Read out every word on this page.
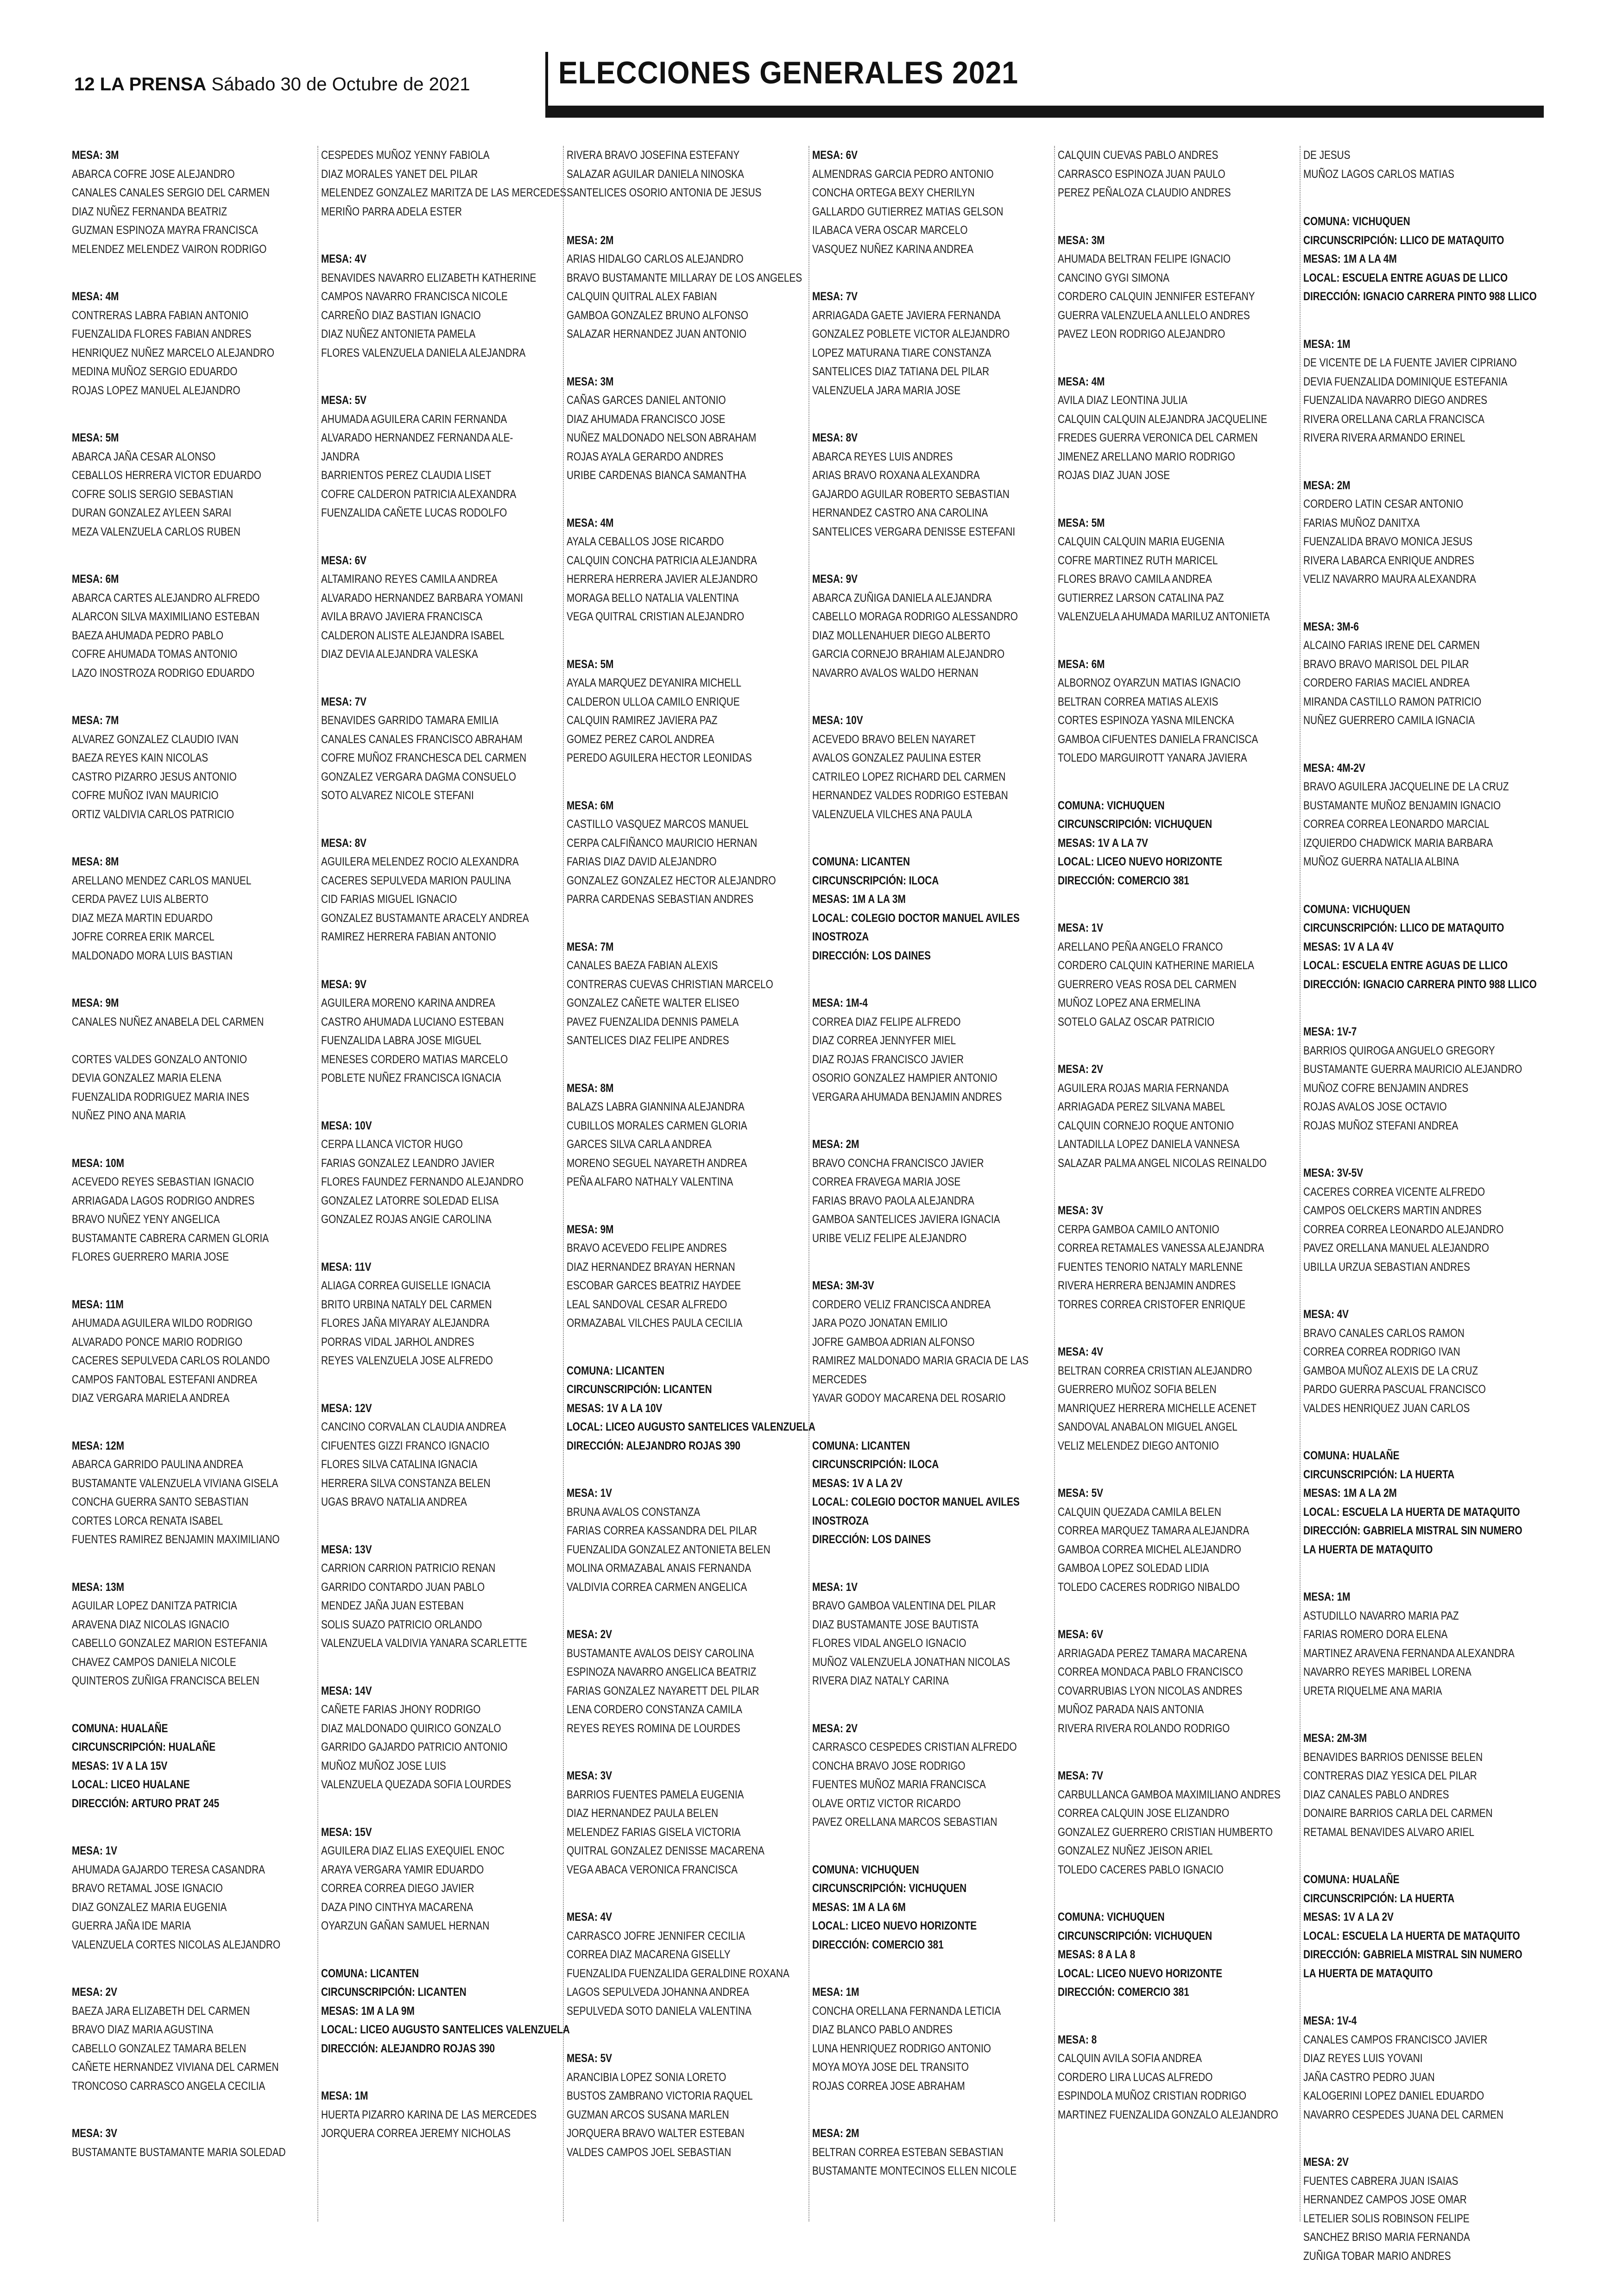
12 LA PRENSA Sábado 30 de Octubre de 2021	ELECCIONES GENERALES 2021
MESA: 3M
ABARCA COFRE JOSE ALEJANDRO
CANALES CANALES SERGIO DEL CARMEN
DIAZ NUÑEZ FERNANDA BEATRIZ
GUZMAN ESPINOZA MAYRA FRANCISCA
MELENDEZ MELENDEZ VAIRON RODRIGO
MESA: 4M
CONTRERAS LABRA FABIAN ANTONIO
FUENZALIDA FLORES FABIAN ANDRES
HENRIQUEZ NUÑEZ MARCELO ALEJANDRO
MEDINA MUÑOZ SERGIO EDUARDO
ROJAS LOPEZ MANUEL ALEJANDRO
MESA: 5M
ABARCA JAÑA CESAR ALONSO
CEBALLOS HERRERA VICTOR EDUARDO
COFRE SOLIS SERGIO SEBASTIAN
DURAN GONZALEZ AYLEEN SARAI
MEZA VALENZUELA CARLOS RUBEN
MESA: 6M
ABARCA CARTES ALEJANDRO ALFREDO
ALARCON SILVA MAXIMILIANO ESTEBAN
BAEZA AHUMADA PEDRO PABLO
COFRE AHUMADA TOMAS ANTONIO
LAZO INOSTROZA RODRIGO EDUARDO
MESA: 7M
ALVAREZ GONZALEZ CLAUDIO IVAN
BAEZA REYES KAIN NICOLAS
CASTRO PIZARRO JESUS ANTONIO
COFRE MUÑOZ IVAN MAURICIO
ORTIZ VALDIVIA CARLOS PATRICIO
MESA: 8M
ARELLANO MENDEZ CARLOS MANUEL
CERDA PAVEZ LUIS ALBERTO
DIAZ MEZA MARTIN EDUARDO
JOFRE CORREA ERIK MARCEL
MALDONADO MORA LUIS BASTIAN
MESA: 9M
CANALES NUÑEZ ANABELA DEL CARMEN
CORTES VALDES GONZALO ANTONIO
DEVIA GONZALEZ MARIA ELENA
FUENZALIDA RODRIGUEZ MARIA INES
NUÑEZ PINO ANA MARIA
MESA: 10M
ACEVEDO REYES SEBASTIAN IGNACIO
ARRIAGADA LAGOS RODRIGO ANDRES
BRAVO NUÑEZ YENY ANGELICA
BUSTAMANTE CABRERA CARMEN GLORIA
FLORES GUERRERO MARIA JOSE
MESA: 11M
AHUMADA AGUILERA WILDO RODRIGO
ALVARADO PONCE MARIO RODRIGO
CACERES SEPULVEDA CARLOS ROLANDO
CAMPOS FANTOBAL ESTEFANI ANDREA
DIAZ VERGARA MARIELA ANDREA
MESA: 12M
ABARCA GARRIDO PAULINA ANDREA
BUSTAMANTE VALENZUELA VIVIANA GISELA
CONCHA GUERRA SANTO SEBASTIAN
CORTES LORCA RENATA ISABEL
FUENTES RAMIREZ BENJAMIN MAXIMILIANO
MESA: 13M
AGUILAR LOPEZ DANITZA PATRICIA
ARAVENA DIAZ NICOLAS IGNACIO
CABELLO GONZALEZ MARION ESTEFANIA
CHAVEZ CAMPOS DANIELA NICOLE
QUINTEROS ZUÑIGA FRANCISCA BELEN
COMUNA: HUALAÑE
CIRCUNSCRIPCIÓN: HUALAÑE
MESAS: 1V A LA 15V
LOCAL: LICEO HUALANE
DIRECCIÓN: ARTURO PRAT 245
MESA: 1V
AHUMADA GAJARDO TERESA CASANDRA
BRAVO RETAMAL JOSE IGNACIO
DIAZ GONZALEZ MARIA EUGENIA
GUERRA JAÑA IDE MARIA
VALENZUELA CORTES NICOLAS ALEJANDRO
MESA: 2V
BAEZA JARA ELIZABETH DEL CARMEN
BRAVO DIAZ MARIA AGUSTINA
CABELLO GONZALEZ TAMARA BELEN
CAÑETE HERNANDEZ VIVIANA DEL CARMEN
TRONCOSO CARRASCO ANGELA CECILIA
MESA: 3V
BUSTAMANTE BUSTAMANTE MARIA SOLEDAD
CESPEDES MUÑOZ YENNY FABIOLA
DIAZ MORALES YANET DEL PILAR
MELENDEZ GONZALEZ MARITZA DE LAS MERCEDES
MERIÑO PARRA ADELA ESTER
MESA: 4V
BENAVIDES NAVARRO ELIZABETH KATHERINE
CAMPOS NAVARRO FRANCISCA NICOLE
CARREÑO DIAZ BASTIAN IGNACIO
DIAZ NUÑEZ ANTONIETA PAMELA
FLORES VALENZUELA DANIELA ALEJANDRA
MESA: 5V
AHUMADA AGUILERA CARIN FERNANDA
ALVARADO HERNANDEZ FERNANDA ALE-
JANDRA
BARRIENTOS PEREZ CLAUDIA LISET
COFRE CALDERON PATRICIA ALEXANDRA
FUENZALIDA CAÑETE LUCAS RODOLFO
MESA: 6V
ALTAMIRANO REYES CAMILA ANDREA
ALVARADO HERNANDEZ BARBARA YOMANI
AVILA BRAVO JAVIERA FRANCISCA
CALDERON ALISTE ALEJANDRA ISABEL
DIAZ DEVIA ALEJANDRA VALESKA
MESA: 7V
BENAVIDES GARRIDO TAMARA EMILIA
CANALES CANALES FRANCISCO ABRAHAM
COFRE MUÑOZ FRANCHESCA DEL CARMEN
GONZALEZ VERGARA DAGMA CONSUELO
SOTO ALVAREZ NICOLE STEFANI
MESA: 8V
AGUILERA MELENDEZ ROCIO ALEXANDRA
CACERES SEPULVEDA MARION PAULINA
CID FARIAS MIGUEL IGNACIO
GONZALEZ BUSTAMANTE ARACELY ANDREA
RAMIREZ HERRERA FABIAN ANTONIO
MESA: 9V
AGUILERA MORENO KARINA ANDREA
CASTRO AHUMADA LUCIANO ESTEBAN
FUENZALIDA LABRA JOSE MIGUEL
MENESES CORDERO MATIAS MARCELO
POBLETE NUÑEZ FRANCISCA IGNACIA
MESA: 10V
CERPA LLANCA VICTOR HUGO
FARIAS GONZALEZ LEANDRO JAVIER
FLORES FAUNDEZ FERNANDO ALEJANDRO
GONZALEZ LATORRE SOLEDAD ELISA
GONZALEZ ROJAS ANGIE CAROLINA
MESA: 11V
ALIAGA CORREA GUISELLE IGNACIA
BRITO URBINA NATALY DEL CARMEN
FLORES JAÑA MIYARAY ALEJANDRA
PORRAS VIDAL JARHOL ANDRES
REYES VALENZUELA JOSE ALFREDO
MESA: 12V
CANCINO CORVALAN CLAUDIA ANDREA
CIFUENTES GIZZI FRANCO IGNACIO
FLORES SILVA CATALINA IGNACIA
HERRERA SILVA CONSTANZA BELEN
UGAS BRAVO NATALIA ANDREA
MESA: 13V
CARRION CARRION PATRICIO RENAN
GARRIDO CONTARDO JUAN PABLO
MENDEZ JAÑA JUAN ESTEBAN
SOLIS SUAZO PATRICIO ORLANDO
VALENZUELA VALDIVIA YANARA SCARLETTE
MESA: 14V
CAÑETE FARIAS JHONY RODRIGO
DIAZ MALDONADO QUIRICO GONZALO
GARRIDO GAJARDO PATRICIO ANTONIO
MUÑOZ MUÑOZ JOSE LUIS
VALENZUELA QUEZADA SOFIA LOURDES
MESA: 15V
AGUILERA DIAZ ELIAS EXEQUIEL ENOC
ARAYA VERGARA YAMIR EDUARDO
CORREA CORREA DIEGO JAVIER
DAZA PINO CINTHYA MACARENA
OYARZUN GAÑAN SAMUEL HERNAN
COMUNA: LICANTEN
CIRCUNSCRIPCIÓN: LICANTEN
MESAS: 1M A LA 9M
LOCAL: LICEO AUGUSTO SANTELICES VALENZUELA
DIRECCIÓN: ALEJANDRO ROJAS 390
MESA: 1M
HUERTA PIZARRO KARINA DE LAS MERCEDES
JORQUERA CORREA JEREMY NICHOLAS
RIVERA BRAVO JOSEFINA ESTEFANY
SALAZAR AGUILAR DANIELA NINOSKA
SANTELICES OSORIO ANTONIA DE JESUS
MESA: 2M
ARIAS HIDALGO CARLOS ALEJANDRO
BRAVO BUSTAMANTE MILLARAY DE LOS ANGELES
CALQUIN QUITRAL ALEX FABIAN
GAMBOA GONZALEZ BRUNO ALFONSO
SALAZAR HERNANDEZ JUAN ANTONIO
MESA: 3M
CAÑAS GARCES DANIEL ANTONIO
DIAZ AHUMADA FRANCISCO JOSE
NUÑEZ MALDONADO NELSON ABRAHAM
ROJAS AYALA GERARDO ANDRES
URIBE CARDENAS BIANCA SAMANTHA
MESA: 4M
AYALA CEBALLOS JOSE RICARDO
CALQUIN CONCHA PATRICIA ALEJANDRA
HERRERA HERRERA JAVIER ALEJANDRO
MORAGA BELLO NATALIA VALENTINA
VEGA QUITRAL CRISTIAN ALEJANDRO
MESA: 5M
AYALA MARQUEZ DEYANIRA MICHELL
CALDERON ULLOA CAMILO ENRIQUE
CALQUIN RAMIREZ JAVIERA PAZ
GOMEZ PEREZ CAROL ANDREA
PEREDO AGUILERA HECTOR LEONIDAS
MESA: 6M
CASTILLO VASQUEZ MARCOS MANUEL
CERPA CALFIÑANCO MAURICIO HERNAN
FARIAS DIAZ DAVID ALEJANDRO
GONZALEZ GONZALEZ HECTOR ALEJANDRO
PARRA CARDENAS SEBASTIAN ANDRES
MESA: 7M
CANALES BAEZA FABIAN ALEXIS
CONTRERAS CUEVAS CHRISTIAN MARCELO
GONZALEZ CAÑETE WALTER ELISEO
PAVEZ FUENZALIDA DENNIS PAMELA
SANTELICES DIAZ FELIPE ANDRES
MESA: 8M
BALAZS LABRA GIANNINA ALEJANDRA
CUBILLOS MORALES CARMEN GLORIA
GARCES SILVA CARLA ANDREA
MORENO SEGUEL NAYARETH ANDREA
PEÑA ALFARO NATHALY VALENTINA
MESA: 9M
BRAVO ACEVEDO FELIPE ANDRES
DIAZ HERNANDEZ BRAYAN HERNAN
ESCOBAR GARCES BEATRIZ HAYDEE
LEAL SANDOVAL CESAR ALFREDO
ORMAZABAL VILCHES PAULA CECILIA
COMUNA: LICANTEN
CIRCUNSCRIPCIÓN: LICANTEN
MESAS: 1V A LA 10V
LOCAL: LICEO AUGUSTO SANTELICES VALENZUELA
DIRECCIÓN: ALEJANDRO ROJAS 390
MESA: 1V
BRUNA AVALOS CONSTANZA
FARIAS CORREA KASSANDRA DEL PILAR
FUENZALIDA GONZALEZ ANTONIETA BELEN
MOLINA ORMAZABAL ANAIS FERNANDA
VALDIVIA CORREA CARMEN ANGELICA
MESA: 2V
BUSTAMANTE AVALOS DEISY CAROLINA
ESPINOZA NAVARRO ANGELICA BEATRIZ
FARIAS GONZALEZ NAYARETT DEL PILAR
LENA CORDERO CONSTANZA CAMILA
REYES REYES ROMINA DE LOURDES
MESA: 3V
BARRIOS FUENTES PAMELA EUGENIA
DIAZ HERNANDEZ PAULA BELEN
MELENDEZ FARIAS GISELA VICTORIA
QUITRAL GONZALEZ DENISSE MACARENA
VEGA ABACA VERONICA FRANCISCA
MESA: 4V
CARRASCO JOFRE JENNIFER CECILIA
CORREA DIAZ MACARENA GISELLY
FUENZALIDA FUENZALIDA GERALDINE ROXANA
LAGOS SEPULVEDA JOHANNA ANDREA
SEPULVEDA SOTO DANIELA VALENTINA
MESA: 5V
ARANCIBIA LOPEZ SONIA LORETO
BUSTOS ZAMBRANO VICTORIA RAQUEL
GUZMAN ARCOS SUSANA MARLEN
JORQUERA BRAVO WALTER ESTEBAN
VALDES CAMPOS JOEL SEBASTIAN
MESA: 6V
ALMENDRAS GARCIA PEDRO ANTONIO
CONCHA ORTEGA BEXY CHERILYN
GALLARDO GUTIERREZ MATIAS GELSON
ILABACA VERA OSCAR MARCELO
VASQUEZ NUÑEZ KARINA ANDREA
MESA: 7V
ARRIAGADA GAETE JAVIERA FERNANDA
GONZALEZ POBLETE VICTOR ALEJANDRO
LOPEZ MATURANA TIARE CONSTANZA
SANTELICES DIAZ TATIANA DEL PILAR
VALENZUELA JARA MARIA JOSE
MESA: 8V
ABARCA REYES LUIS ANDRES
ARIAS BRAVO ROXANA ALEXANDRA
GAJARDO AGUILAR ROBERTO SEBASTIAN
HERNANDEZ CASTRO ANA CAROLINA
SANTELICES VERGARA DENISSE ESTEFANI
MESA: 9V
ABARCA ZUÑIGA DANIELA ALEJANDRA
CABELLO MORAGA RODRIGO ALESSANDRO
DIAZ MOLLENAHUER DIEGO ALBERTO
GARCIA CORNEJO BRAHIAM ALEJANDRO
NAVARRO AVALOS WALDO HERNAN
MESA: 10V
ACEVEDO BRAVO BELEN NAYARET
AVALOS GONZALEZ PAULINA ESTER
CATRILEO LOPEZ RICHARD DEL CARMEN
HERNANDEZ VALDES RODRIGO ESTEBAN
VALENZUELA VILCHES ANA PAULA
COMUNA: LICANTEN
CIRCUNSCRIPCIÓN: ILOCA
MESAS: 1M A LA 3M
LOCAL: COLEGIO DOCTOR MANUEL AVILES
INOSTROZA
DIRECCIÓN: LOS DAINES
MESA: 1M-4
CORREA DIAZ FELIPE ALFREDO
DIAZ CORREA JENNYFER MIEL
DIAZ ROJAS FRANCISCO JAVIER
OSORIO GONZALEZ HAMPIER ANTONIO
VERGARA AHUMADA BENJAMIN ANDRES
MESA: 2M
BRAVO CONCHA FRANCISCO JAVIER
CORREA FRAVEGA MARIA JOSE
FARIAS BRAVO PAOLA ALEJANDRA
GAMBOA SANTELICES JAVIERA IGNACIA
URIBE VELIZ FELIPE ALEJANDRO
MESA: 3M-3V
CORDERO VELIZ FRANCISCA ANDREA
JARA POZO JONATAN EMILIO
JOFRE GAMBOA ADRIAN ALFONSO
RAMIREZ MALDONADO MARIA GRACIA DE LAS
MERCEDES
YAVAR GODOY MACARENA DEL ROSARIO
COMUNA: LICANTEN
CIRCUNSCRIPCIÓN: ILOCA
MESAS: 1V A LA 2V
LOCAL: COLEGIO DOCTOR MANUEL AVILES
INOSTROZA
DIRECCIÓN: LOS DAINES
MESA: 1V
BRAVO GAMBOA VALENTINA DEL PILAR
DIAZ BUSTAMANTE JOSE BAUTISTA
FLORES VIDAL ANGELO IGNACIO
MUÑOZ VALENZUELA JONATHAN NICOLAS
RIVERA DIAZ NATALY CARINA
MESA: 2V
CARRASCO CESPEDES CRISTIAN ALFREDO
CONCHA BRAVO JOSE RODRIGO
FUENTES MUÑOZ MARIA FRANCISCA
OLAVE ORTIZ VICTOR RICARDO
PAVEZ ORELLANA MARCOS SEBASTIAN
COMUNA: VICHUQUEN
CIRCUNSCRIPCIÓN: VICHUQUEN
MESAS: 1M A LA 6M
LOCAL: LICEO NUEVO HORIZONTE
DIRECCIÓN: COMERCIO 381
MESA: 1M
CONCHA ORELLANA FERNANDA LETICIA
DIAZ BLANCO PABLO ANDRES
LUNA HENRIQUEZ RODRIGO ANTONIO
MOYA MOYA JOSE DEL TRANSITO
ROJAS CORREA JOSE ABRAHAM
MESA: 2M
BELTRAN CORREA ESTEBAN SEBASTIAN
BUSTAMANTE MONTECINOS ELLEN NICOLE
CALQUIN CUEVAS PABLO ANDRES
CARRASCO ESPINOZA JUAN PAULO
PEREZ PEÑALOZA CLAUDIO ANDRES
MESA: 3M
AHUMADA BELTRAN FELIPE IGNACIO
CANCINO GYGI SIMONA
CORDERO CALQUIN JENNIFER ESTEFANY
GUERRA VALENZUELA ANLLELO ANDRES
PAVEZ LEON RODRIGO ALEJANDRO
MESA: 4M
AVILA DIAZ LEONTINA JULIA
CALQUIN CALQUIN ALEJANDRA JACQUELINE
FREDES GUERRA VERONICA DEL CARMEN
JIMENEZ ARELLANO MARIO RODRIGO
ROJAS DIAZ JUAN JOSE
MESA: 5M
CALQUIN CALQUIN MARIA EUGENIA
COFRE MARTINEZ RUTH MARICEL
FLORES BRAVO CAMILA ANDREA
GUTIERREZ LARSON CATALINA PAZ
VALENZUELA AHUMADA MARILUZ ANTONIETA
MESA: 6M
ALBORNOZ OYARZUN MATIAS IGNACIO
BELTRAN CORREA MATIAS ALEXIS
CORTES ESPINOZA YASNA MILENCKA
GAMBOA CIFUENTES DANIELA FRANCISCA
TOLEDO MARGUIROTT YANARA JAVIERA
COMUNA: VICHUQUEN
CIRCUNSCRIPCIÓN: VICHUQUEN
MESAS: 1V A LA 7V
LOCAL: LICEO NUEVO HORIZONTE
DIRECCIÓN: COMERCIO 381
MESA: 1V
ARELLANO PEÑA ANGELO FRANCO
CORDERO CALQUIN KATHERINE MARIELA
GUERRERO VEAS ROSA DEL CARMEN
MUÑOZ LOPEZ ANA ERMELINA
SOTELO GALAZ OSCAR PATRICIO
MESA: 2V
AGUILERA ROJAS MARIA FERNANDA
ARRIAGADA PEREZ SILVANA MABEL
CALQUIN CORNEJO ROQUE ANTONIO
LANTADILLA LOPEZ DANIELA VANNESA
SALAZAR PALMA ANGEL NICOLAS REINALDO
MESA: 3V
CERPA GAMBOA CAMILO ANTONIO
CORREA RETAMALES VANESSA ALEJANDRA
FUENTES TENORIO NATALY MARLENNE
RIVERA HERRERA BENJAMIN ANDRES
TORRES CORREA CRISTOFER ENRIQUE
MESA: 4V
BELTRAN CORREA CRISTIAN ALEJANDRO
GUERRERO MUÑOZ SOFIA BELEN
MANRIQUEZ HERRERA MICHELLE ACENET
SANDOVAL ANABALON MIGUEL ANGEL
VELIZ MELENDEZ DIEGO ANTONIO
MESA: 5V
CALQUIN QUEZADA CAMILA BELEN
CORREA MARQUEZ TAMARA ALEJANDRA
GAMBOA CORREA MICHEL ALEJANDRO
GAMBOA LOPEZ SOLEDAD LIDIA
TOLEDO CACERES RODRIGO NIBALDO
MESA: 6V
ARRIAGADA PEREZ TAMARA MACARENA
CORREA MONDACA PABLO FRANCISCO
COVARRUBIAS LYON NICOLAS ANDRES
MUÑOZ PARADA NAIS ANTONIA
RIVERA RIVERA ROLANDO RODRIGO
MESA: 7V
CARBULLANCA GAMBOA MAXIMILIANO ANDRES
CORREA CALQUIN JOSE ELIZANDRO
GONZALEZ GUERRERO CRISTIAN HUMBERTO
GONZALEZ NUÑEZ JEISON ARIEL
TOLEDO CACERES PABLO IGNACIO
COMUNA: VICHUQUEN
CIRCUNSCRIPCIÓN: VICHUQUEN
MESAS: 8 A LA 8
LOCAL: LICEO NUEVO HORIZONTE
DIRECCIÓN: COMERCIO 381
MESA: 8
CALQUIN AVILA SOFIA ANDREA
CORDERO LIRA LUCAS ALFREDO
ESPINDOLA MUÑOZ CRISTIAN RODRIGO
MARTINEZ FUENZALIDA GONZALO ALEJANDRO
DE JESUS
MUÑOZ LAGOS CARLOS MATIAS
COMUNA: VICHUQUEN
CIRCUNSCRIPCIÓN: LLICO DE MATAQUITO
MESAS: 1M A LA 4M
LOCAL: ESCUELA ENTRE AGUAS DE LLICO
DIRECCIÓN: IGNACIO CARRERA PINTO 988 LLICO
MESA: 1M
DE VICENTE DE LA FUENTE JAVIER CIPRIANO
DEVIA FUENZALIDA DOMINIQUE ESTEFANIA
FUENZALIDA NAVARRO DIEGO ANDRES
RIVERA ORELLANA CARLA FRANCISCA
RIVERA RIVERA ARMANDO ERINEL
MESA: 2M
CORDERO LATIN CESAR ANTONIO
FARIAS MUÑOZ DANITXA
FUENZALIDA BRAVO MONICA JESUS
RIVERA LABARCA ENRIQUE ANDRES
VELIZ NAVARRO MAURA ALEXANDRA
MESA: 3M-6
ALCAINO FARIAS IRENE DEL CARMEN
BRAVO BRAVO MARISOL DEL PILAR
CORDERO FARIAS MACIEL ANDREA
MIRANDA CASTILLO RAMON PATRICIO
NUÑEZ GUERRERO CAMILA IGNACIA
MESA: 4M-2V
BRAVO AGUILERA JACQUELINE DE LA CRUZ
BUSTAMANTE MUÑOZ BENJAMIN IGNACIO
CORREA CORREA LEONARDO MARCIAL
IZQUIERDO CHADWICK MARIA BARBARA
MUÑOZ GUERRA NATALIA ALBINA
COMUNA: VICHUQUEN
CIRCUNSCRIPCIÓN: LLICO DE MATAQUITO
MESAS: 1V A LA 4V
LOCAL: ESCUELA ENTRE AGUAS DE LLICO
DIRECCIÓN: IGNACIO CARRERA PINTO 988 LLICO
MESA: 1V-7
BARRIOS QUIROGA ANGUELO GREGORY
BUSTAMANTE GUERRA MAURICIO ALEJANDRO
MUÑOZ COFRE BENJAMIN ANDRES
ROJAS AVALOS JOSE OCTAVIO
ROJAS MUÑOZ STEFANI ANDREA
MESA: 3V-5V
CACERES CORREA VICENTE ALFREDO
CAMPOS OELCKERS MARTIN ANDRES
CORREA CORREA LEONARDO ALEJANDRO
PAVEZ ORELLANA MANUEL ALEJANDRO
UBILLA URZUA SEBASTIAN ANDRES
MESA: 4V
BRAVO CANALES CARLOS RAMON
CORREA CORREA RODRIGO IVAN
GAMBOA MUÑOZ ALEXIS DE LA CRUZ
PARDO GUERRA PASCUAL FRANCISCO
VALDES HENRIQUEZ JUAN CARLOS
COMUNA: HUALAÑE
CIRCUNSCRIPCIÓN: LA HUERTA
MESAS: 1M A LA 2M
LOCAL: ESCUELA LA HUERTA DE MATAQUITO
DIRECCIÓN: GABRIELA MISTRAL SIN NUMERO
LA HUERTA DE MATAQUITO
MESA: 1M
ASTUDILLO NAVARRO MARIA PAZ
FARIAS ROMERO DORA ELENA
MARTINEZ ARAVENA FERNANDA ALEXANDRA
NAVARRO REYES MARIBEL LORENA
URETA RIQUELME ANA MARIA
MESA: 2M-3M
BENAVIDES BARRIOS DENISSE BELEN
CONTRERAS DIAZ YESICA DEL PILAR
DIAZ CANALES PABLO ANDRES
DONAIRE BARRIOS CARLA DEL CARMEN
RETAMAL BENAVIDES ALVARO ARIEL
COMUNA: HUALAÑE
CIRCUNSCRIPCIÓN: LA HUERTA
MESAS: 1V A LA 2V
LOCAL: ESCUELA LA HUERTA DE MATAQUITO
DIRECCIÓN: GABRIELA MISTRAL SIN NUMERO
LA HUERTA DE MATAQUITO
MESA: 1V-4
CANALES CAMPOS FRANCISCO JAVIER
DIAZ REYES LUIS YOVANI
JAÑA CASTRO PEDRO JUAN
KALOGERINI LOPEZ DANIEL EDUARDO
NAVARRO CESPEDES JUANA DEL CARMEN
MESA: 2V
FUENTES CABRERA JUAN ISAIAS
HERNANDEZ CAMPOS JOSE OMAR
LETELIER SOLIS ROBINSON FELIPE
SANCHEZ BRISO MARIA FERNANDA
ZUÑIGA TOBAR MARIO ANDRES
